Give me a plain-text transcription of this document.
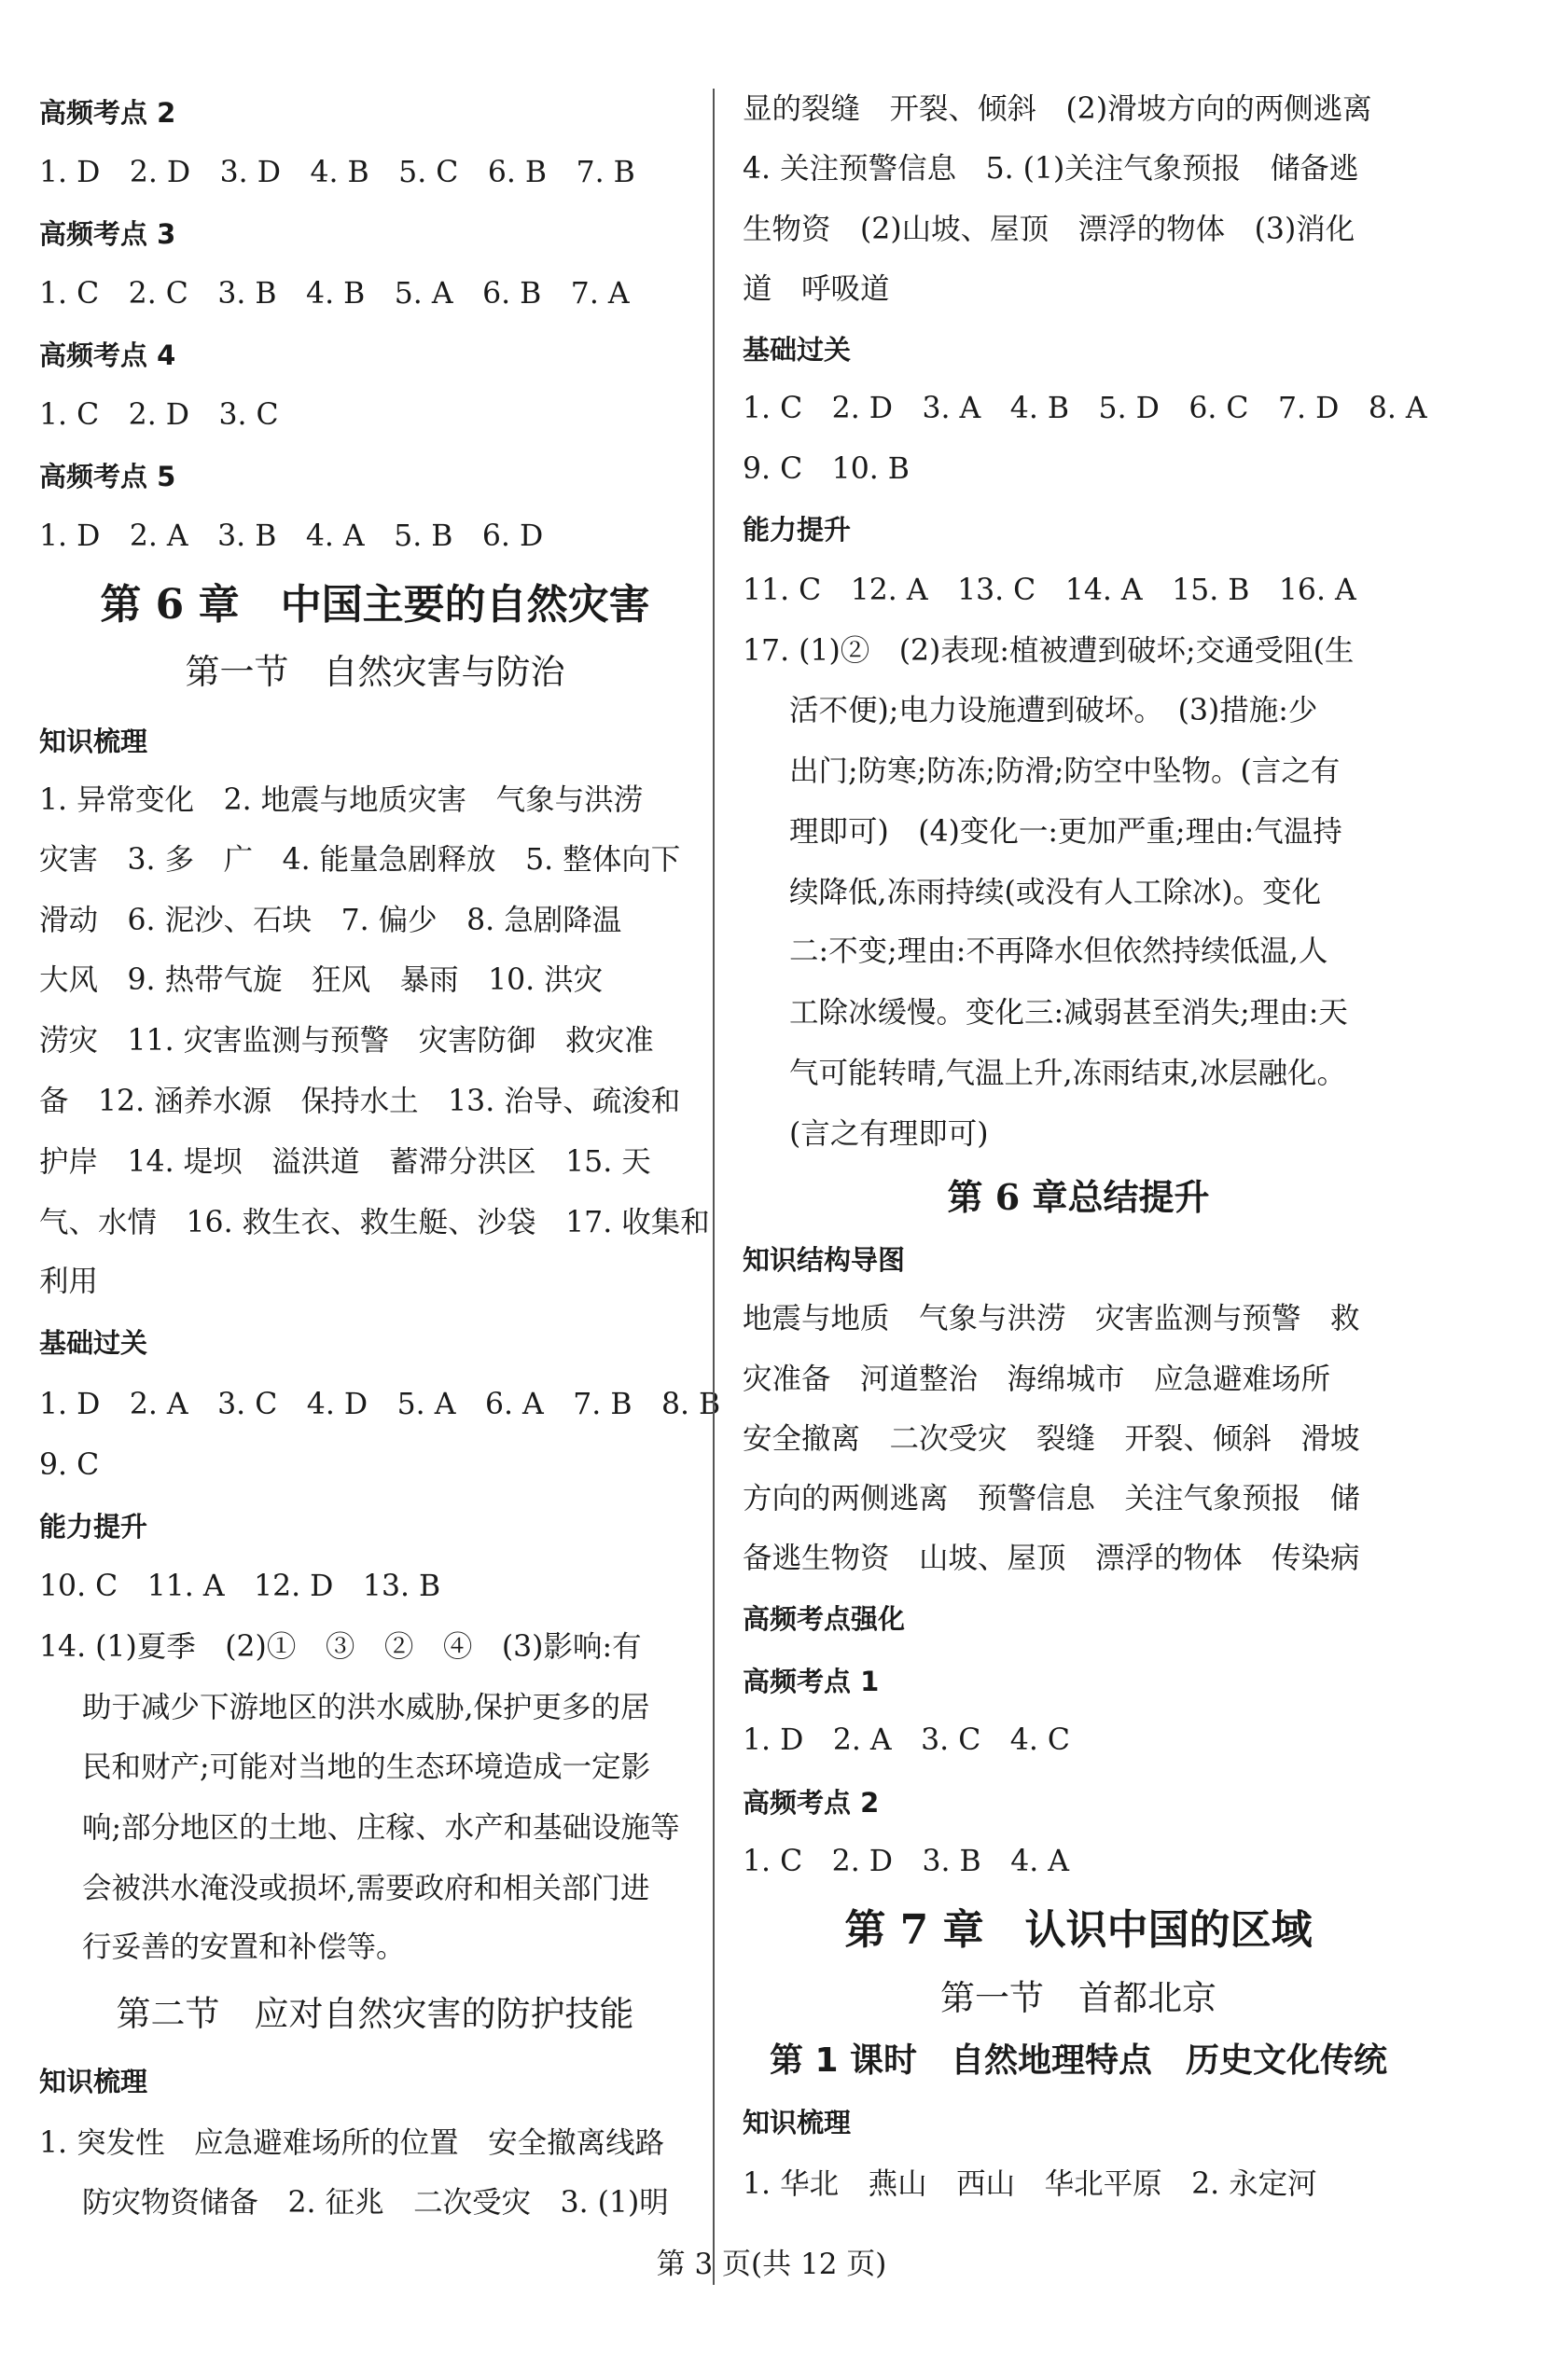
高频考点 2
1. D　2. D　3. D　4. B　5. C　6. B　7. B
高频考点 3
1. C　2. C　3. B　4. B　5. A　6. B　7. A
高频考点 4
1. C　2. D　3. C
高频考点 5
1. D　2. A　3. B　4. A　5. B　6. D
第 6 章　中国主要的自然灾害
第一节　自然灾害与防治
知识梳理
1. 异常变化　2. 地震与地质灾害　气象与洪涝
灾害　3. 多　广　4. 能量急剧释放　5. 整体向下
滑动　6. 泥沙、石块　7. 偏少　8. 急剧降温
大风　9. 热带气旋　狂风　暴雨　10. 洪灾
涝灾　11. 灾害监测与预警　灾害防御　救灾准
备　12. 涵养水源　保持水土　13. 治导、疏浚和
护岸　14. 堤坝　溢洪道　蓄滞分洪区　15. 天
气、水情　16. 救生衣、救生艇、沙袋　17. 收集和
利用
基础过关
1. D　2. A　3. C　4. D　5. A　6. A　7. B　8. B
9. C
能力提升
10. C　11. A　12. D　13. B
14. (1)夏季　(2)①　③　②　④　(3)影响:有
助于减少下游地区的洪水威胁,保护更多的居
民和财产;可能对当地的生态环境造成一定影
响;部分地区的土地、庄稼、水产和基础设施等
会被洪水淹没或损坏,需要政府和相关部门进
行妥善的安置和补偿等。
第二节　应对自然灾害的防护技能
知识梳理
1. 突发性　应急避难场所的位置　安全撤离线路
防灾物资储备　2. 征兆　二次受灾　3. (1)明
显的裂缝　开裂、倾斜　(2)滑坡方向的两侧逃离
4. 关注预警信息　5. (1)关注气象预报　储备逃
生物资　(2)山坡、屋顶　漂浮的物体　(3)消化
道　呼吸道
基础过关
1. C　2. D　3. A　4. B　5. D　6. C　7. D　8. A
9. C　10. B
能力提升
11. C　12. A　13. C　14. A　15. B　16. A
17. (1)②　(2)表现:植被遭到破坏;交通受阻(生
活不便);电力设施遭到破坏。　(3)措施:少
出门;防寒;防冻;防滑;防空中坠物。(言之有
理即可)　(4)变化一:更加严重;理由:气温持
续降低,冻雨持续(或没有人工除冰)。变化
二:不变;理由:不再降水但依然持续低温,人
工除冰缓慢。变化三:减弱甚至消失;理由:天
气可能转晴,气温上升,冻雨结束,冰层融化。
(言之有理即可)
第 6 章总结提升
知识结构导图
地震与地质　气象与洪涝　灾害监测与预警　救
灾准备　河道整治　海绵城市　应急避难场所
安全撤离　二次受灾　裂缝　开裂、倾斜　滑坡
方向的两侧逃离　预警信息　关注气象预报　储
备逃生物资　山坡、屋顶　漂浮的物体　传染病
高频考点强化
高频考点 1
1. D　2. A　3. C　4. C
高频考点 2
1. C　2. D　3. B　4. A
第 7 章　认识中国的区域
第一节　首都北京
第 1 课时　自然地理特点　历史文化传统
知识梳理
1. 华北　燕山　西山　华北平原　2. 永定河
第 3 页(共 12 页)
